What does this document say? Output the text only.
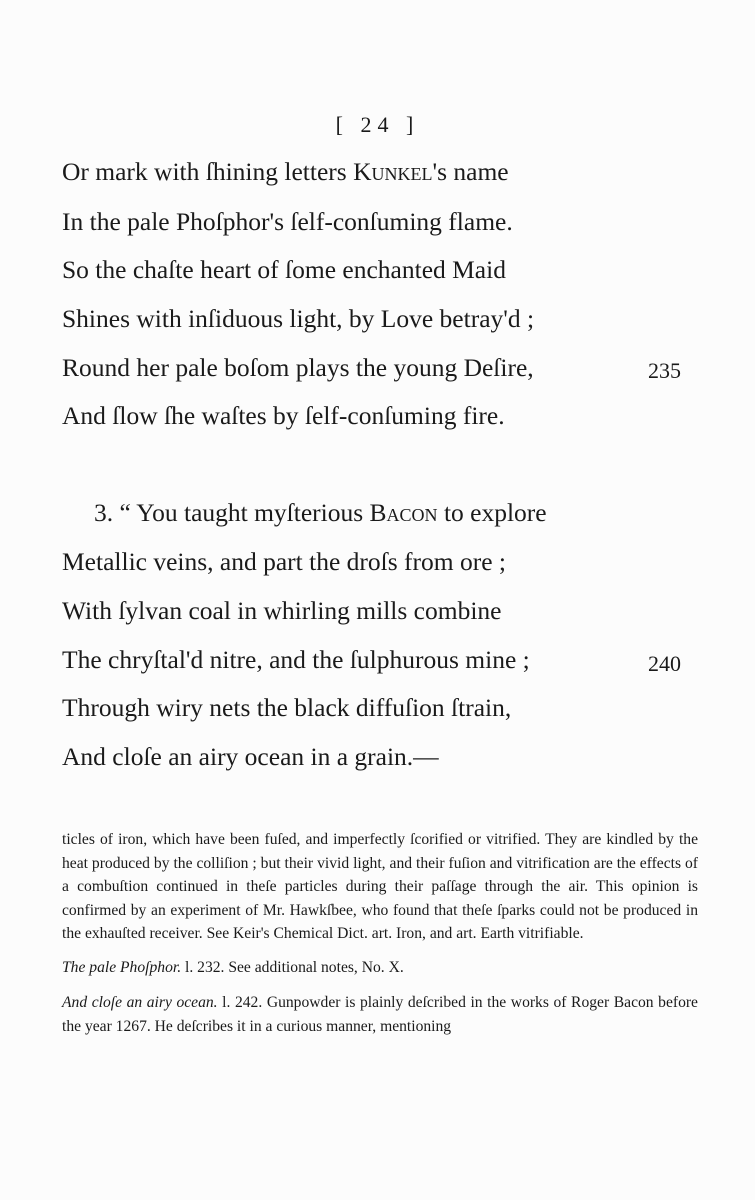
[ 24 ]
Or mark with ſhining letters Kunkel's name
In the pale Phoſphor's ſelf-conſuming flame.
So the chaſte heart of ſome enchanted Maid
Shines with inſiduous light, by Love betray'd ;
Round her pale boſom plays the young Deſire,	235
And ſlow ſhe waſtes by ſelf-conſuming fire.
3. “ You taught myſterious Bacon to explore
Metallic veins, and part the droſs from ore ;
With ſylvan coal in whirling mills combine
The chryſtal'd nitre, and the ſulphurous mine ;	240
Through wiry nets the black diffuſion ſtrain,
And cloſe an airy ocean in a grain.—

ticles of iron, which have been fuſed, and imperfectly ſcorified or vitrified. They are kindled by the heat produced by the colliſion ; but their vivid light, and their fuſion and vitrification are the effects of a combuſtion continued in theſe particles during their paſſage through the air. This opinion is confirmed by an experiment of Mr. Hawkſbee, who found that theſe ſparks could not be produced in the exhauſted receiver. See Keir's Chemical Dict. art. Iron, and art. Earth vitrifiable.

The pale Phoſphor. l. 232. See additional notes, No. X.

And cloſe an airy ocean. l. 242. Gunpowder is plainly deſcribed in the works of Roger Bacon before the year 1267. He deſcribes it in a curious manner, mentioning
